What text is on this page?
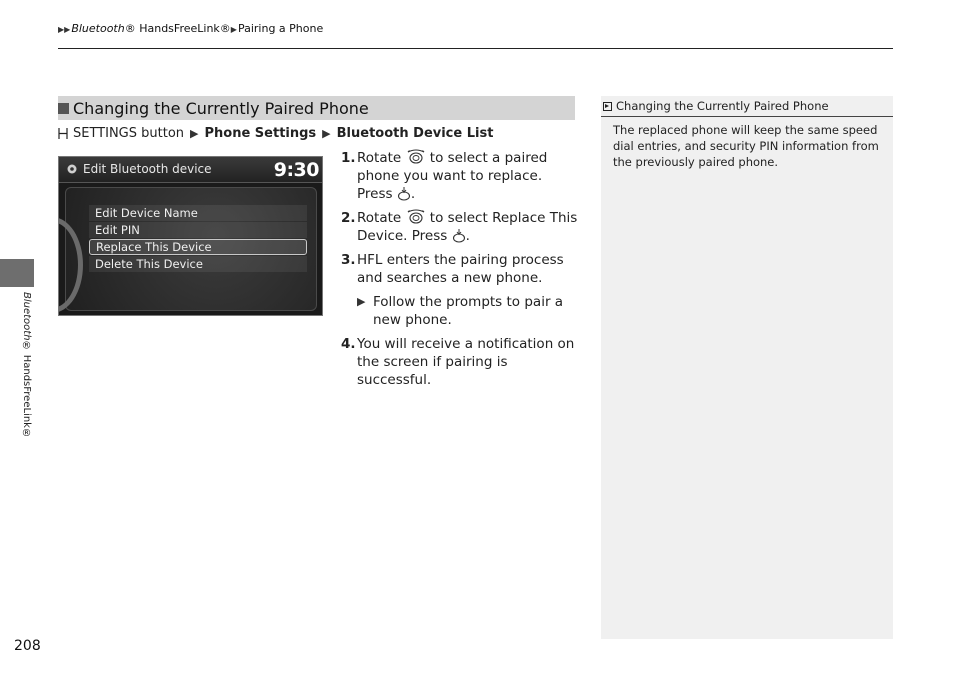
▶▶Bluetooth® HandsFreeLink®▶Pairing a Phone
Bluetooth® HandsFreeLink®
208
Changing the Currently Paired Phone
SETTINGS button ▶ Phone Settings ▶ Bluetooth Device List
Edit Bluetooth device	9:30
Edit Device Name
Edit PIN
Replace This Device
Delete This Device
1. Rotate to select a paired phone you want to replace. Press .
2. Rotate to select Replace This Device. Press .
3. HFL enters the pairing process and searches a new phone.
▶ Follow the prompts to pair a new phone.
4. You will receive a notification on the screen if pairing is successful.
Changing the Currently Paired Phone
The replaced phone will keep the same speed dial entries, and security PIN information from the previously paired phone.
